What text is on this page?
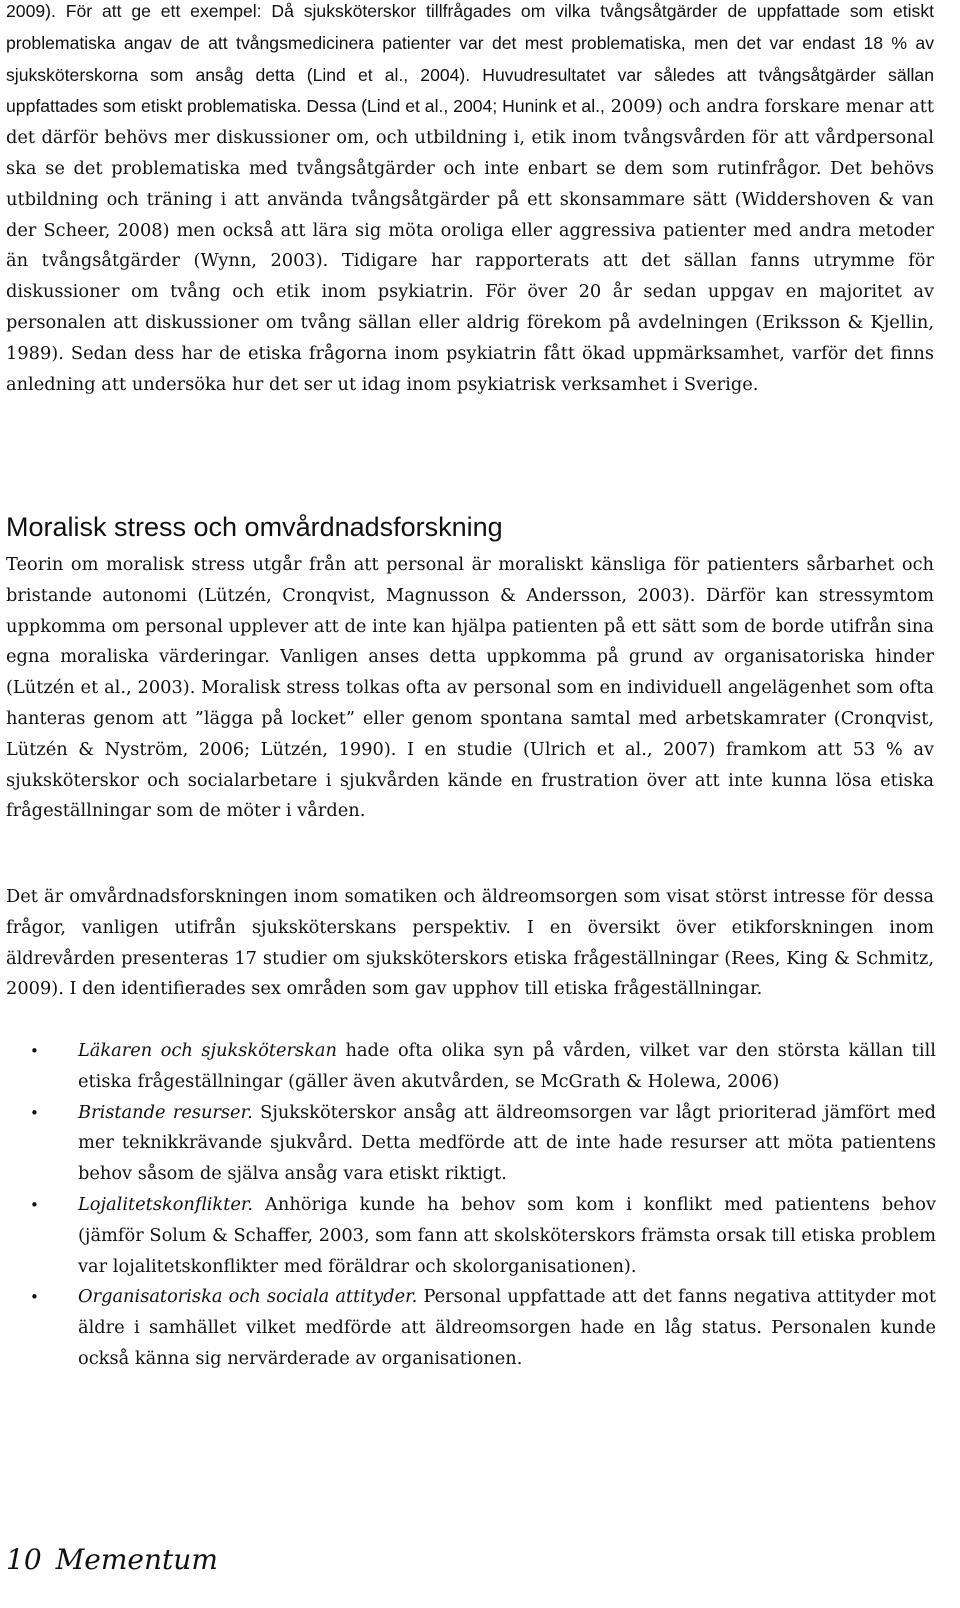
2009). För att ge ett exempel: Då sjuksköterskor tillfrågades om vilka tvångsåtgärder de uppfattade som etiskt problematiska angav de att tvångsmedicinera patienter var det mest problematiska, men det var endast 18 % av sjuksköterskorna som ansåg detta (Lind et al., 2004). Huvudresultatet var således att tvångsåtgärder sällan uppfattades som etiskt problematiska. Dessa (Lind et al., 2004; Hunink et al., 2009) och andra forskare menar att det därför behövs mer diskussioner om, och utbildning i, etik inom tvångsvården för att vårdpersonal ska se det problematiska med tvångsåtgärder och inte enbart se dem som rutinfrågor. Det behövs utbildning och träning i att använda tvångsåtgärder på ett skonsammare sätt (Widdershoven & van der Scheer, 2008) men också att lära sig möta oroliga eller aggressiva patienter med andra metoder än tvångsåtgärder (Wynn, 2003). Tidigare har rapporterats att det sällan fanns utrymme för diskussioner om tvång och etik inom psykiatrin. För över 20 år sedan uppgav en majoritet av personalen att diskussioner om tvång sällan eller aldrig förekom på avdelningen (Eriksson & Kjellin, 1989). Sedan dess har de etiska frågorna inom psykiatrin fått ökad uppmärksamhet, varför det finns anledning att undersöka hur det ser ut idag inom psykiatrisk verksamhet i Sverige.

Moralisk stress och omvårdnadsforskning

Teorin om moralisk stress utgår från att personal är moraliskt känsliga för patienters sårbarhet och bristande autonomi (Lützén, Cronqvist, Magnusson & Andersson, 2003). Därför kan stressymtom uppkomma om personal upplever att de inte kan hjälpa patienten på ett sätt som de borde utifrån sina egna moraliska värderingar. Vanligen anses detta uppkomma på grund av organisatoriska hinder (Lützén et al., 2003). Moralisk stress tolkas ofta av personal som en individuell angelägenhet som ofta hanteras genom att ”lägga på locket” eller genom spontana samtal med arbetskamrater (Cronqvist, Lützén & Nyström, 2006; Lützén, 1990). I en studie (Ulrich et al., 2007) framkom att 53 % av sjuksköterskor och socialarbetare i sjukvården kände en frustration över att inte kunna lösa etiska frågeställningar som de möter i vården.

Det är omvårdnadsforskningen inom somatiken och äldreomsorgen som visat störst intresse för dessa frågor, vanligen utifrån sjuksköterskans perspektiv. I en översikt över etikforskningen inom äldrevården presenteras 17 studier om sjuksköterskors etiska frågeställningar (Rees, King & Schmitz, 2009). I den identifierades sex områden som gav upphov till etiska frågeställningar.

• Läkaren och sjuksköterskan hade ofta olika syn på vården, vilket var den största källan till etiska frågeställningar (gäller även akutvården, se McGrath & Holewa, 2006)
• Bristande resurser. Sjuksköterskor ansåg att äldreomsorgen var lågt prioriterad jämfört med mer teknikkrävande sjukvård. Detta medförde att de inte hade resurser att möta patientens behov såsom de själva ansåg vara etiskt riktigt.
• Lojalitetskonflikter. Anhöriga kunde ha behov som kom i konflikt med patientens behov (jämför Solum & Schaffer, 2003, som fann att skolsköterskors främsta orsak till etiska problem var lojalitetskonflikter med föräldrar och skolorganisationen).
• Organisatoriska och sociala attityder. Personal uppfattade att det fanns negativa attityder mot äldre i samhället vilket medförde att äldreomsorgen hade en låg status. Personalen kunde också känna sig nervärderade av organisationen.
10 Mementum
